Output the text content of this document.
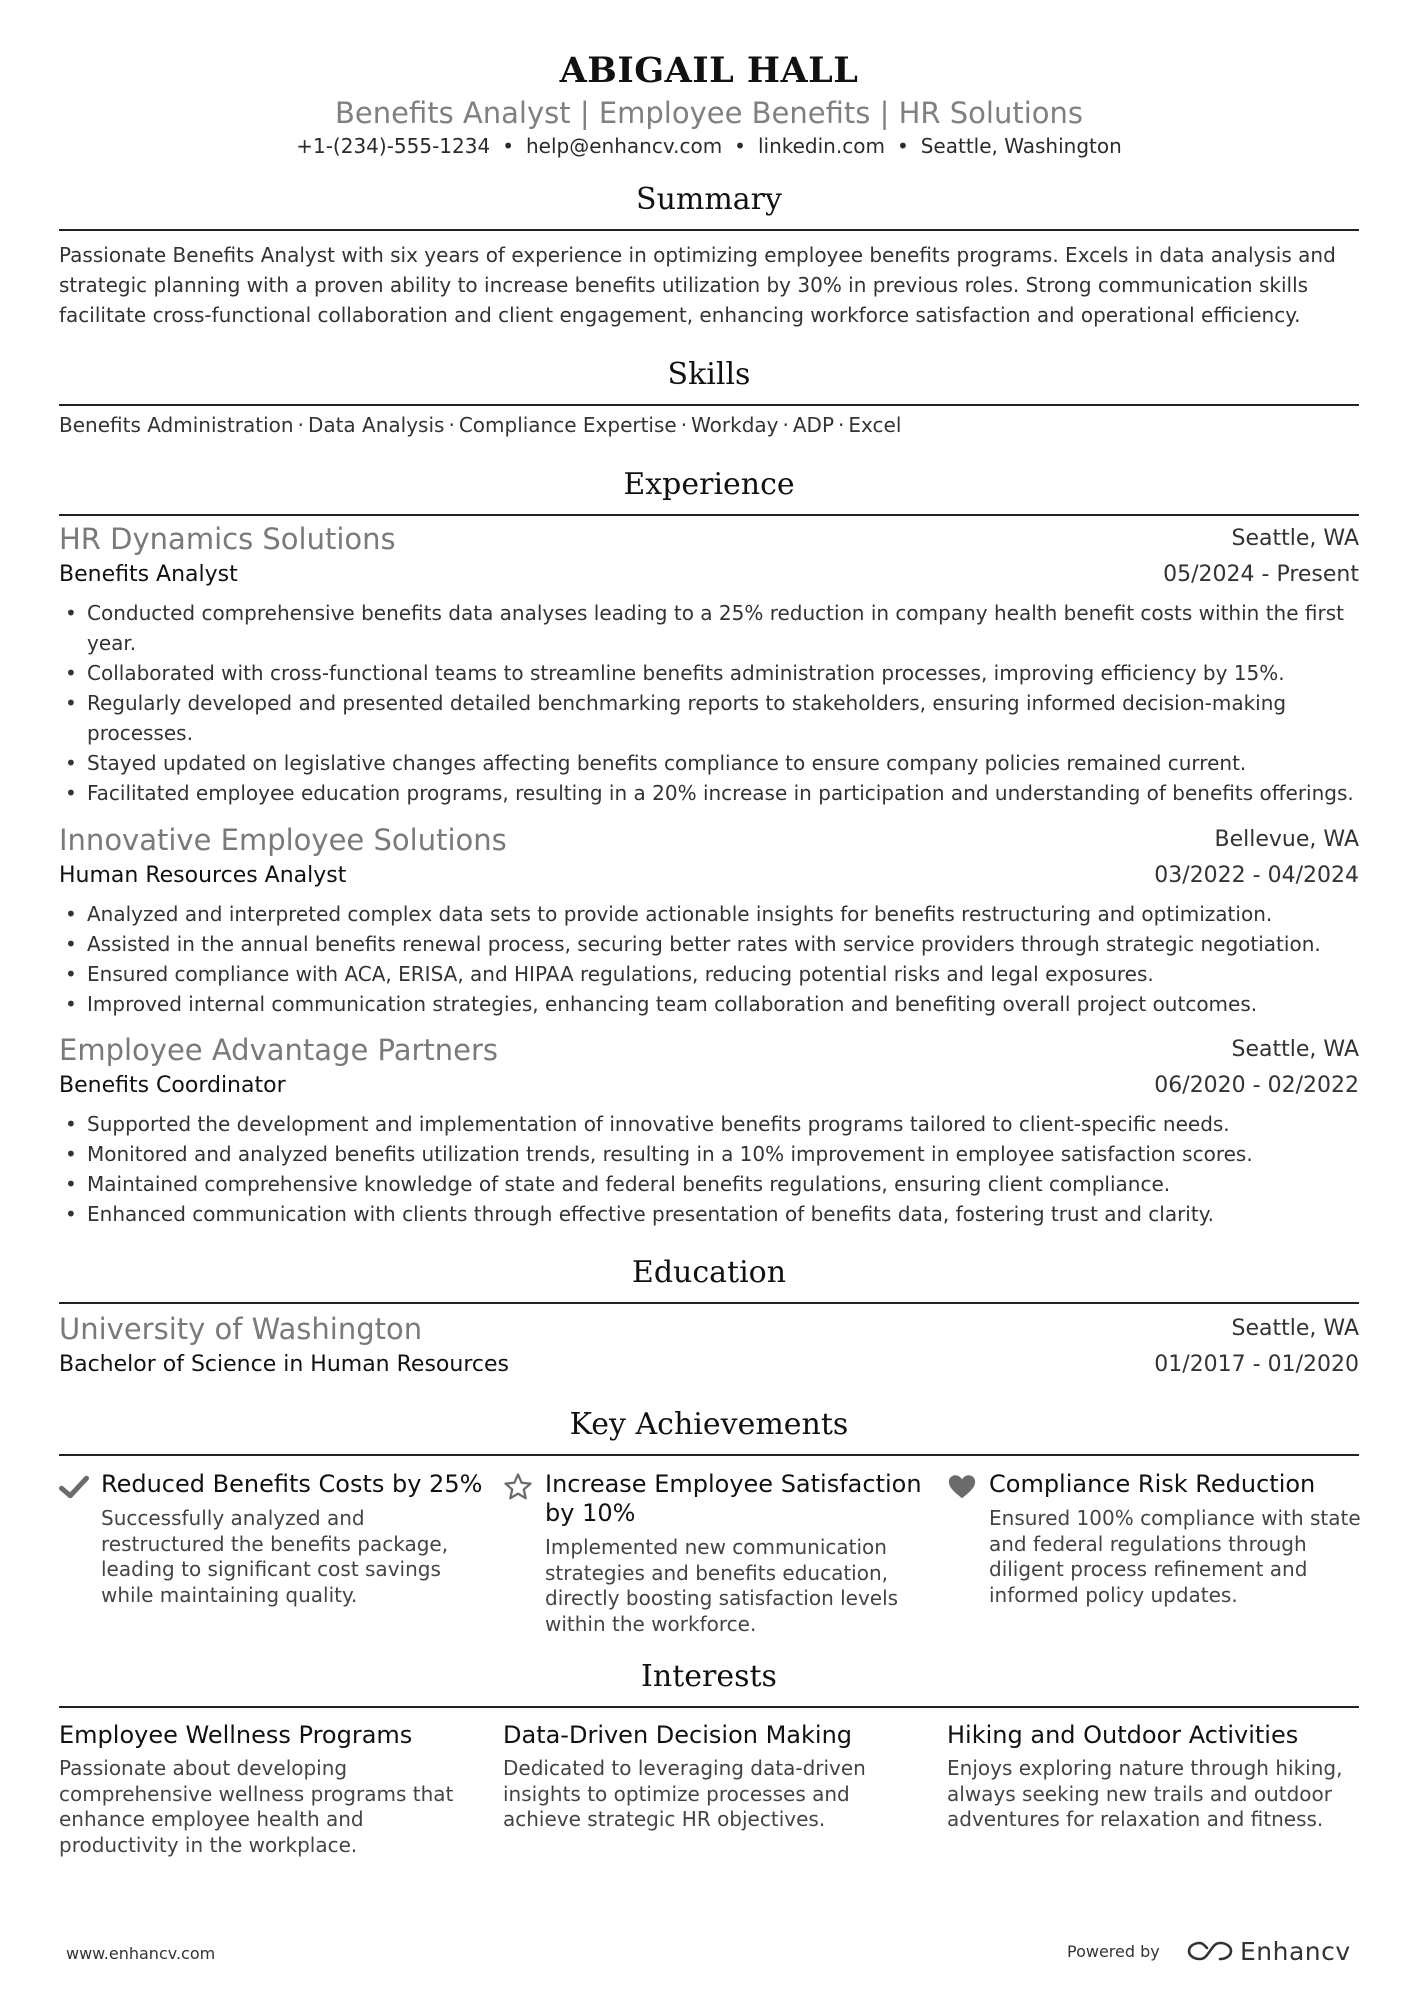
ABIGAIL HALL
Benefits Analyst | Employee Benefits | HR Solutions
+1-(234)-555-1234 • help@enhancv.com • linkedin.com • Seattle, Washington
Summary
Passionate Benefits Analyst with six years of experience in optimizing employee benefits programs. Excels in data analysis and
strategic planning with a proven ability to increase benefits utilization by 30% in previous roles. Strong communication skills
facilitate cross-functional collaboration and client engagement, enhancing workforce satisfaction and operational efficiency.
Skills
Benefits Administration · Data Analysis · Compliance Expertise · Workday · ADP · Excel
Experience
HR Dynamics Solutions	Seattle, WA
Benefits Analyst	05/2024 - Present
• Conducted comprehensive benefits data analyses leading to a 25% reduction in company health benefit costs within the first year.
• Collaborated with cross-functional teams to streamline benefits administration processes, improving efficiency by 15%.
• Regularly developed and presented detailed benchmarking reports to stakeholders, ensuring informed decision-making processes.
• Stayed updated on legislative changes affecting benefits compliance to ensure company policies remained current.
• Facilitated employee education programs, resulting in a 20% increase in participation and understanding of benefits offerings.
Innovative Employee Solutions	Bellevue, WA
Human Resources Analyst	03/2022 - 04/2024
• Analyzed and interpreted complex data sets to provide actionable insights for benefits restructuring and optimization.
• Assisted in the annual benefits renewal process, securing better rates with service providers through strategic negotiation.
• Ensured compliance with ACA, ERISA, and HIPAA regulations, reducing potential risks and legal exposures.
• Improved internal communication strategies, enhancing team collaboration and benefiting overall project outcomes.
Employee Advantage Partners	Seattle, WA
Benefits Coordinator	06/2020 - 02/2022
• Supported the development and implementation of innovative benefits programs tailored to client-specific needs.
• Monitored and analyzed benefits utilization trends, resulting in a 10% improvement in employee satisfaction scores.
• Maintained comprehensive knowledge of state and federal benefits regulations, ensuring client compliance.
• Enhanced communication with clients through effective presentation of benefits data, fostering trust and clarity.
Education
University of Washington	Seattle, WA
Bachelor of Science in Human Resources	01/2017 - 01/2020
Key Achievements
Reduced Benefits Costs by 25%
Successfully analyzed and restructured the benefits package, leading to significant cost savings while maintaining quality.
Increase Employee Satisfaction by 10%
Implemented new communication strategies and benefits education, directly boosting satisfaction levels within the workforce.
Compliance Risk Reduction
Ensured 100% compliance with state and federal regulations through diligent process refinement and informed policy updates.
Interests
Employee Wellness Programs
Passionate about developing comprehensive wellness programs that enhance employee health and productivity in the workplace.
Data-Driven Decision Making
Dedicated to leveraging data-driven insights to optimize processes and achieve strategic HR objectives.
Hiking and Outdoor Activities
Enjoys exploring nature through hiking, always seeking new trails and outdoor adventures for relaxation and fitness.
www.enhancv.com	Powered by	Enhancv
